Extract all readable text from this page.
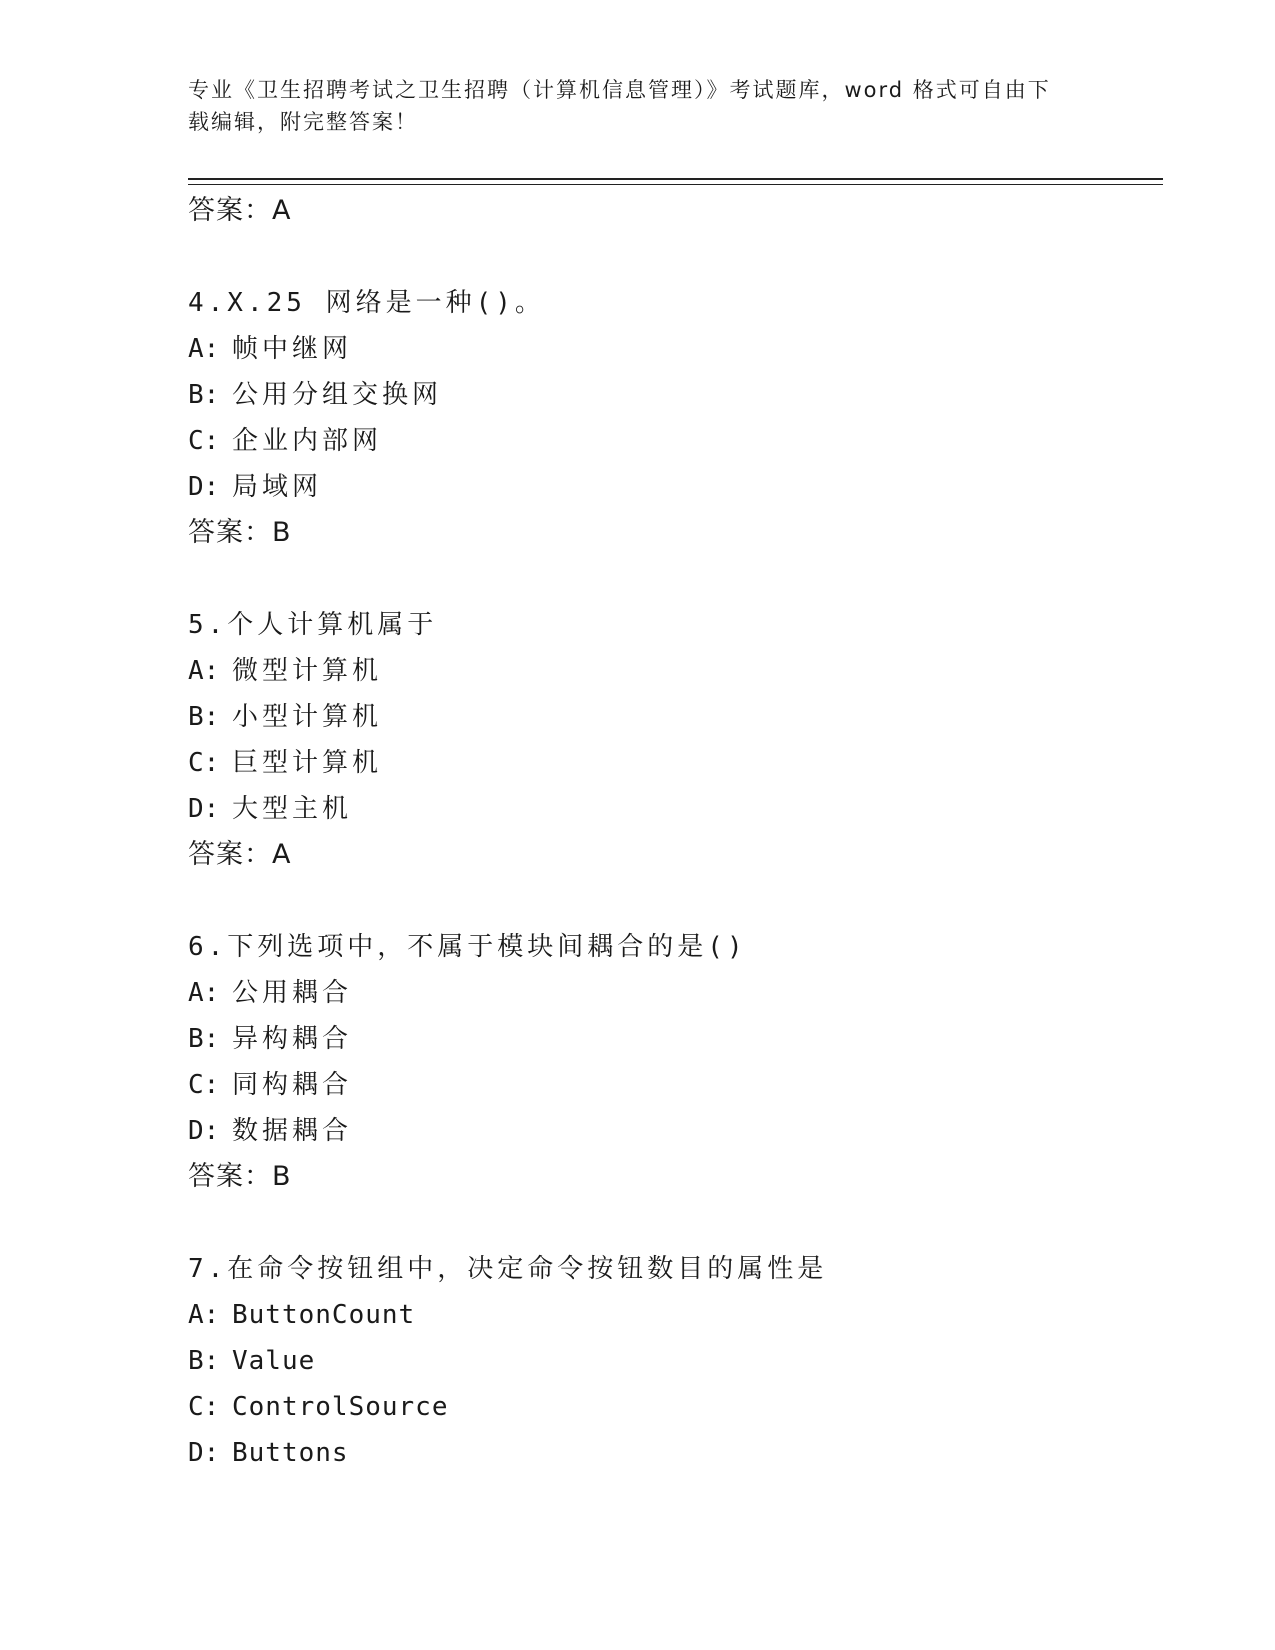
专业《卫生招聘考试之卫生招聘（计算机信息管理）》考试题库，word 格式可自由下载编辑，附完整答案！
答案：A
4.X.25 网络是一种()。
A: 帧中继网
B: 公用分组交换网
C: 企业内部网
D: 局域网
答案：B
5.个人计算机属于
A: 微型计算机
B: 小型计算机
C: 巨型计算机
D: 大型主机
答案：A
6.下列选项中，不属于模块间耦合的是()
A: 公用耦合
B: 异构耦合
C: 同构耦合
D: 数据耦合
答案：B
7.在命令按钮组中，决定命令按钮数目的属性是
A: ButtonCount
B: Value
C: ControlSource
D: Buttons
